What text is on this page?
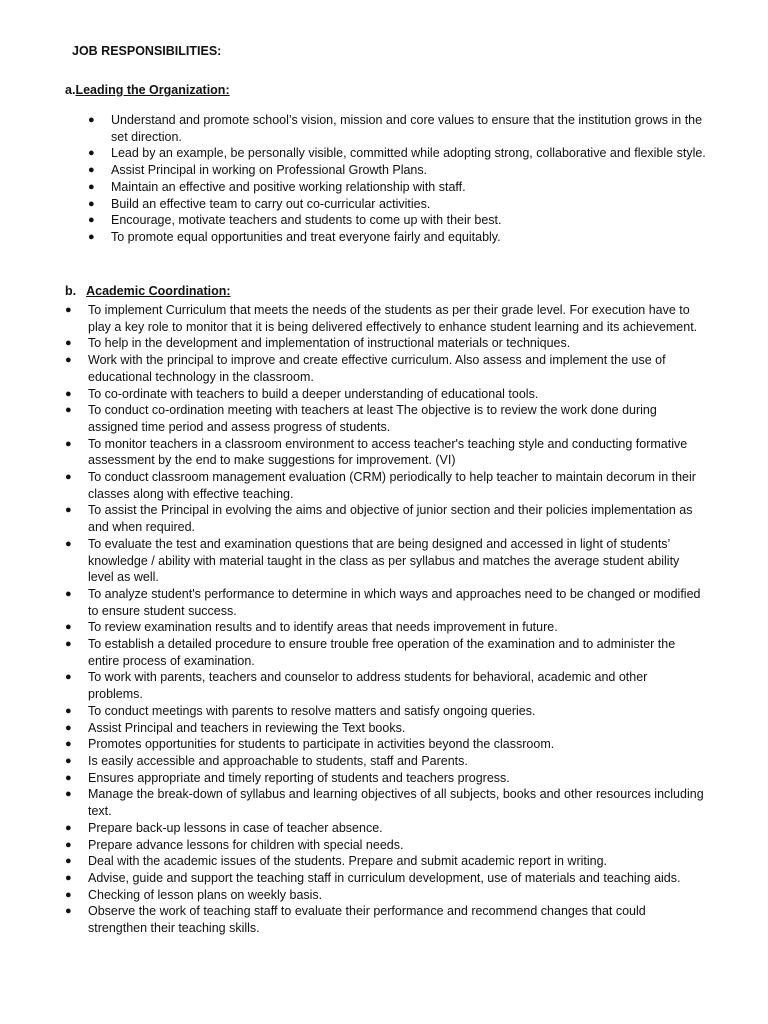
JOB RESPONSIBILITIES:
a.Leading the Organization:
● Understand and promote school’s vision, mission and core values to ensure that the institution grows in the set direction.
● Lead by an example, be personally visible, committed while adopting strong, collaborative and flexible style.
● Assist Principal in working on Professional Growth Plans.
● Maintain an effective and positive working relationship with staff.
● Build an effective team to carry out co-curricular activities.
● Encourage, motivate teachers and students to come up with their best.
● To promote equal opportunities and treat everyone fairly and equitably.
b. Academic Coordination:
● To implement Curriculum that meets the needs of the students as per their grade level. For execution have to play a key role to monitor that it is being delivered effectively to enhance student learning and its achievement.
● To help in the development and implementation of instructional materials or techniques.
● Work with the principal to improve and create effective curriculum. Also assess and implement the use of educational technology in the classroom.
● To co-ordinate with teachers to build a deeper understanding of educational tools.
● To conduct co-ordination meeting with teachers at least The objective is to review the work done during assigned time period and assess progress of students.
● To monitor teachers in a classroom environment to access teacher's teaching style and conducting formative assessment by the end to make suggestions for improvement. (VI)
● To conduct classroom management evaluation (CRM) periodically to help teacher to maintain decorum in their classes along with effective teaching.
● To assist the Principal in evolving the aims and objective of junior section and their policies implementation as and when required.
● To evaluate the test and examination questions that are being designed and accessed in light of students’ knowledge / ability with material taught in the class as per syllabus and matches the average student ability level as well.
● To analyze student's performance to determine in which ways and approaches need to be changed or modified to ensure student success.
● To review examination results and to identify areas that needs improvement in future.
● To establish a detailed procedure to ensure trouble free operation of the examination and to administer the entire process of examination.
● To work with parents, teachers and counselor to address students for behavioral, academic and other problems.
● To conduct meetings with parents to resolve matters and satisfy ongoing queries.
● Assist Principal and teachers in reviewing the Text books.
● Promotes opportunities for students to participate in activities beyond the classroom.
● Is easily accessible and approachable to students, staff and Parents.
● Ensures appropriate and timely reporting of students and teachers progress.
● Manage the break-down of syllabus and learning objectives of all subjects, books and other resources including text.
● Prepare back-up lessons in case of teacher absence.
● Prepare advance lessons for children with special needs.
● Deal with the academic issues of the students. Prepare and submit academic report in writing.
● Advise, guide and support the teaching staff in curriculum development, use of materials and teaching aids.
● Checking of lesson plans on weekly basis.
● Observe the work of teaching staff to evaluate their performance and recommend changes that could strengthen their teaching skills.
